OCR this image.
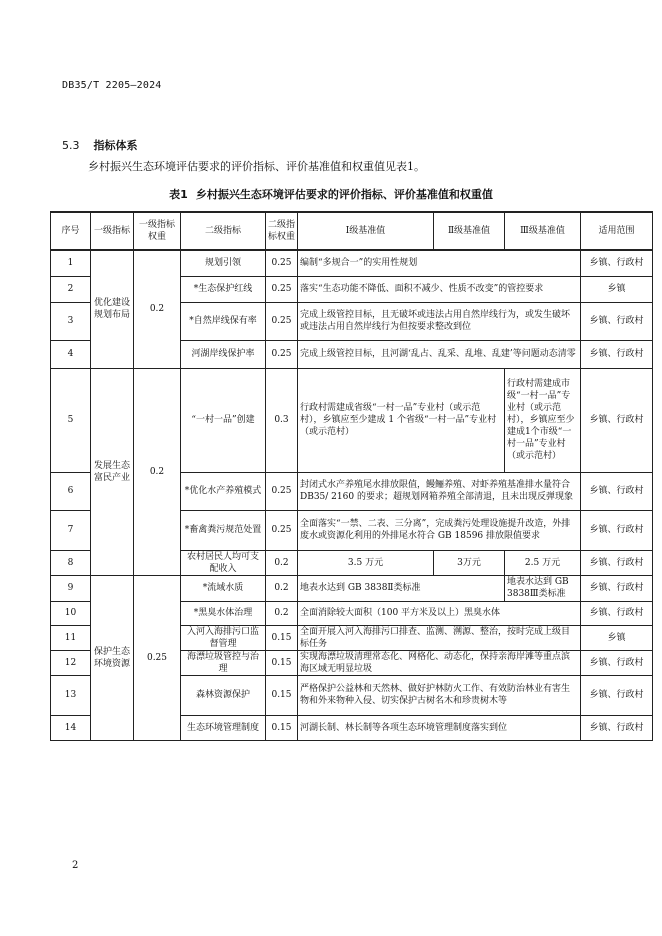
DB35/T 2205—2024
5.3 指标体系
乡村振兴生态环境评估要求的评价指标、评价基准值和权重值见表1。
表1 乡村振兴生态环境评估要求的评价指标、评价基准值和权重值
序号	一级指标	一级指标权重	二级指标	二级指标权重	Ⅰ级基准值	Ⅱ级基准值	Ⅲ级基准值	适用范围
1	优化建设规划布局	0.2	规划引领	0.25	编制“多规合一”的实用性规划			乡镇、行政村
2			*生态保护红线	0.25	落实“生态功能不降低、面积不减少、性质不改变”的管控要求			乡镇
3			*自然岸线保有率	0.25	完成上级管控目标，且无破坏或违法占用自然岸线行为，或发生破坏或违法占用自然岸线行为但按要求整改到位			乡镇、行政村
4			河湖岸线保护率	0.25	完成上级管控目标，且河湖‘乱占、乱采、乱堆、乱建’等问题动态清零			乡镇、行政村
5	发展生态富民产业	0.2	“一村一品”创建	0.3	行政村需建成省级“一村一品”专业村（或示范村），乡镇应至少建成 1 个省级“一村一品”专业村（或示范村）		行政村需建成市级“一村一品”专业村（或示范村），乡镇应至少建成1个市级“一村一品”专业村（或示范村）	乡镇、行政村
6			*优化水产养殖模式	0.25	封闭式水产养殖尾水排放限值，鳗鲡养殖、对虾养殖基准排水量符合 DB35/ 2160 的要求；超规划网箱养殖全部清退，且未出现反弹现象			乡镇、行政村
7			*畜禽粪污规范处置	0.25	全面落实“一禁、二表、三分离”，完成粪污处理设施提升改造，外排废水或资源化利用的外排尾水符合 GB 18596 排放限值要求			乡镇、行政村
8			农村居民人均可支配收入	0.2	3.5 万元	3万元	2.5 万元	乡镇、行政村
9	保护生态环境资源	0.25	*流域水质	0.2	地表水达到 GB 3838Ⅱ类标准		地表水达到 GB 3838Ⅲ类标准	乡镇、行政村
10			*黑臭水体治理	0.2	全面消除较大面积（100 平方米及以上）黑臭水体			乡镇、行政村
11			入河入海排污口监督管理	0.15	全面开展入河入海排污口排查、监测、溯源、整治，按时完成上级目标任务			乡镇
12			海漂垃圾管控与治理	0.15	实现海漂垃圾清理常态化、网格化、动态化，保持亲海岸滩等重点滨海区域无明显垃圾			乡镇、行政村
13			森林资源保护	0.15	严格保护公益林和天然林、做好护林防火工作、有效防治林业有害生物和外来物种入侵、切实保护古树名木和珍贵树木等			乡镇、行政村
14			生态环境管理制度	0.15	河湖长制、林长制等各项生态环境管理制度落实到位			乡镇、行政村
2
